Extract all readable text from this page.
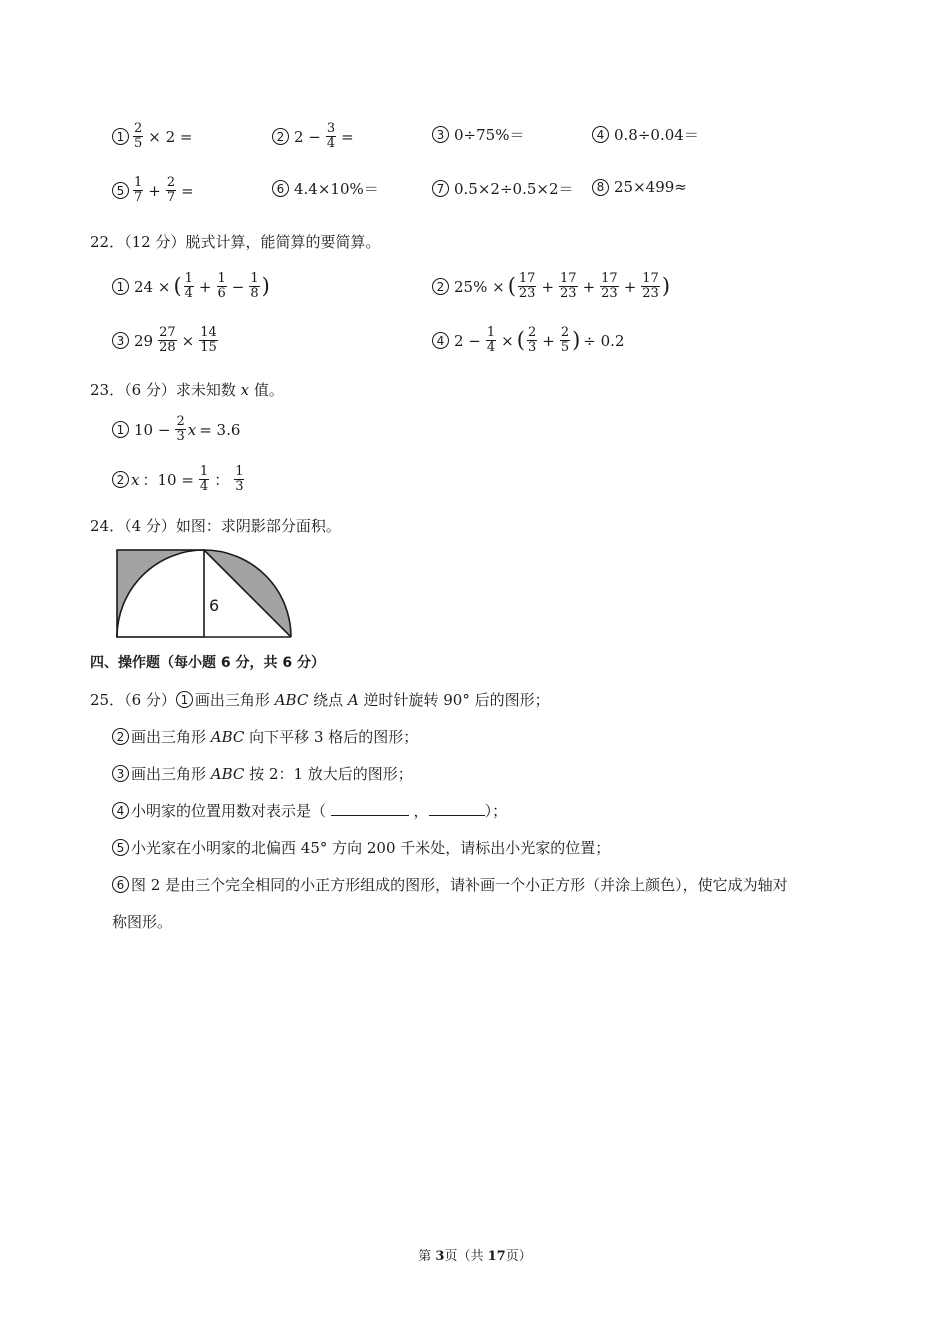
$1 \frac{2}{5} \times 2$ =	2 $2 - \frac{3}{4}$ =	3 0÷75%＝	4 0.8÷0.04＝
$5 \frac{1}{7} + \frac{2}{7}$ =	6 4.4×10%＝	7 0.5×2÷0.5×2＝	8 25×499≈
22．（12 分）脱式计算，能简算的要简算。
1 24 × ( $\frac{1}{4} + \frac{1}{6} - \frac{1}{8}$ )	2 25% × ( $\frac{17}{23} + \frac{17}{23} + \frac{17}{23} + \frac{17}{23}$ )
3 $29 \frac{27}{28} \times \frac{14}{15}$	4 $2 - \frac{1}{4}$ × ( $\frac{2}{3} + \frac{2}{5}$ ) ÷ 0.2
23．（6 分）求未知数 x 值。
1 $10 - \frac{2}{3}$ x = 3.6
2 x ：$10 = \frac{1}{4}$ ： $\frac{1}{3}$
24．（4 分）如图：求阴影部分面积。
6
四、操作题（每小题 6 分，共 6 分）
25．（6 分） 1 画出三角形 ABC 绕点 A 逆时针旋转 90° 后的图形；
2 画出三角形 ABC 向下平移 3 格后的图形；
3 画出三角形 ABC 按 2：1 放大后的图形；
4 小明家的位置用数对表示是（	，	）；
5 小光家在小明家的北偏西 45° 方向 200 千米处，请标出小光家的位置；
6 图 2 是由三个完全相同的小正方形组成的图形，请补画一个小正方形（并涂上颜色），使它成为轴对
称图形。
第 3页（共 17页）
